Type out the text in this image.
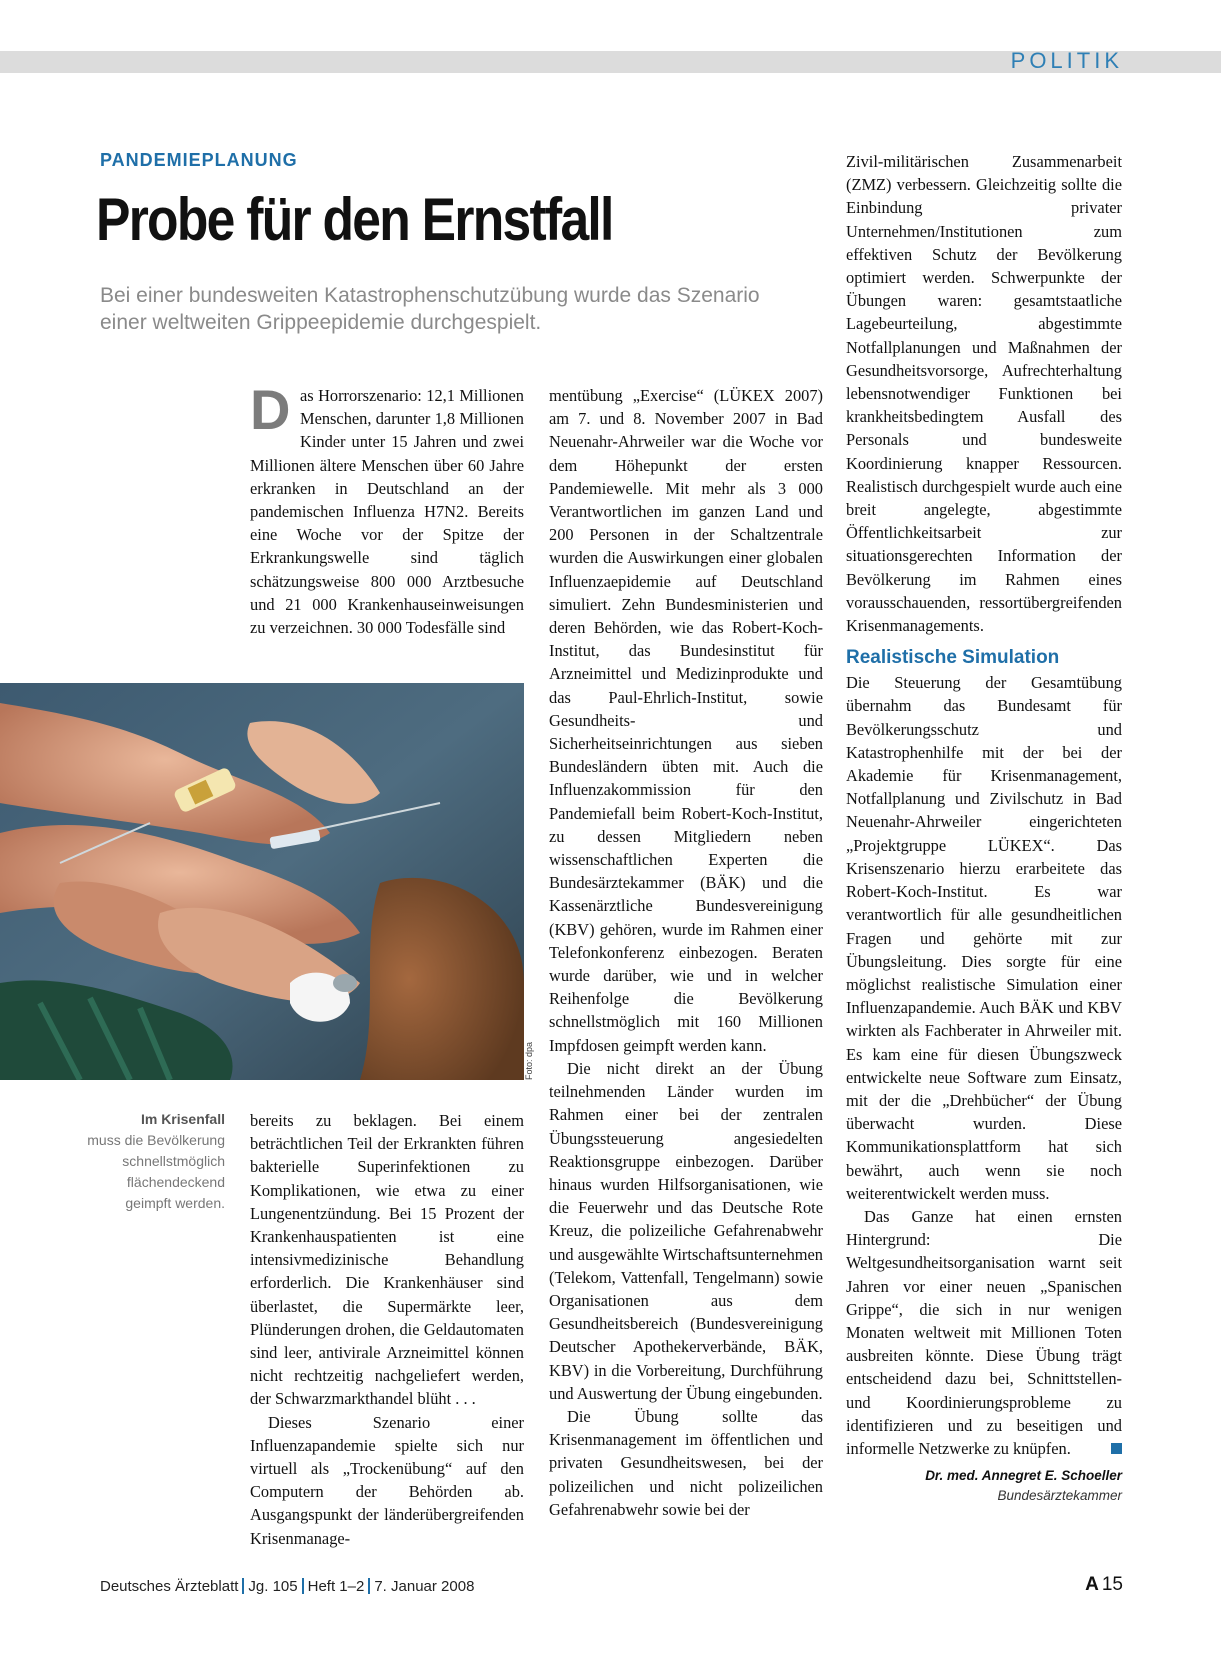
POLITIK
PANDEMIEPLANUNG
Probe für den Ernstfall
Bei einer bundesweiten Katastrophenschutzübung wurde das Szenario einer weltweiten Grippeepidemie durchgespielt.

Das Horrorszenario: 12,1 Millionen Menschen, darunter 1,8 Millionen Kinder unter 15 Jahren und zwei Millionen ältere Menschen über 60 Jahre erkranken in Deutschland an der pandemischen Influenza H7N2. Bereits eine Woche vor der Spitze der Erkrankungswelle sind täglich schätzungsweise 800 000 Arztbesuche und 21 000 Krankenhauseinweisungen zu verzeichnen. 30 000 Todesfälle sind

Foto: dpa
Im Krisenfall
muss die Bevölkerung schnellstmöglich flächendeckend geimpft werden.

bereits zu beklagen. Bei einem beträchtlichen Teil der Erkrankten führen bakterielle Superinfektionen zu Komplikationen, wie etwa zu einer Lungenentzündung. Bei 15 Prozent der Krankenhauspatienten ist eine intensivmedizinische Behandlung erforderlich. Die Krankenhäuser sind überlastet, die Supermärkte leer, Plünderungen drohen, die Geldautomaten sind leer, antivirale Arzneimittel können nicht rechtzeitig nachgeliefert werden, der Schwarzmarkthandel blüht . . .

Dieses Szenario einer Influenzapandemie spielte sich nur virtuell als „Trockenübung“ auf den Computern der Behörden ab. Ausgangspunkt der länderübergreifenden Krisenmanage-

mentübung „Exercise“ (LÜKEX 2007) am 7. und 8. November 2007 in Bad Neuenahr-Ahrweiler war die Woche vor dem Höhepunkt der ersten Pandemiewelle. Mit mehr als 3 000 Verantwortlichen im ganzen Land und 200 Personen in der Schaltzentrale wurden die Auswirkungen einer globalen Influenzaepidemie auf Deutschland simuliert. Zehn Bundesministerien und deren Behörden, wie das Robert-Koch-Institut, das Bundesinstitut für Arzneimittel und Medizinprodukte und das Paul-Ehrlich-Institut, sowie Gesundheits- und Sicherheitseinrichtungen aus sieben Bundesländern übten mit. Auch die Influenzakommission für den Pandemiefall beim Robert-Koch-Institut, zu dessen Mitgliedern neben wissenschaftlichen Experten die Bundesärztekammer (BÄK) und die Kassenärztliche Bundesvereinigung (KBV) gehören, wurde im Rahmen einer Telefonkonferenz einbezogen. Beraten wurde darüber, wie und in welcher Reihenfolge die Bevölkerung schnellstmöglich mit 160 Millionen Impfdosen geimpft werden kann.

Die nicht direkt an der Übung teilnehmenden Länder wurden im Rahmen einer bei der zentralen Übungssteuerung angesiedelten Reaktionsgruppe einbezogen. Darüber hinaus wurden Hilfsorganisationen, wie die Feuerwehr und das Deutsche Rote Kreuz, die polizeiliche Gefahrenabwehr und ausgewählte Wirtschaftsunternehmen (Telekom, Vattenfall, Tengelmann) sowie Organisationen aus dem Gesundheitsbereich (Bundesvereinigung Deutscher Apothekerverbände, BÄK, KBV) in die Vorbereitung, Durchführung und Auswertung der Übung eingebunden.

Die Übung sollte das Krisenmanagement im öffentlichen und privaten Gesundheitswesen, bei der polizeilichen und nicht polizeilichen Gefahrenabwehr sowie bei der

Zivil-militärischen Zusammenarbeit (ZMZ) verbessern. Gleichzeitig sollte die Einbindung privater Unternehmen/Institutionen zum effektiven Schutz der Bevölkerung optimiert werden. Schwerpunkte der Übungen waren: gesamtstaatliche Lagebeurteilung, abgestimmte Notfallplanungen und Maßnahmen der Gesundheitsvorsorge, Aufrechterhaltung lebensnotwendiger Funktionen bei krankheitsbedingtem Ausfall des Personals und bundesweite Koordinierung knapper Ressourcen. Realistisch durchgespielt wurde auch eine breit angelegte, abgestimmte Öffentlichkeitsarbeit zur situationsgerechten Information der Bevölkerung im Rahmen eines vorausschauenden, ressortübergreifenden Krisenmanagements.

Realistische Simulation

Die Steuerung der Gesamtübung übernahm das Bundesamt für Bevölkerungsschutz und Katastrophenhilfe mit der bei der Akademie für Krisenmanagement, Notfallplanung und Zivilschutz in Bad Neuenahr-Ahrweiler eingerichteten „Projektgruppe LÜKEX“. Das Krisenszenario hierzu erarbeitete das Robert-Koch-Institut. Es war verantwortlich für alle gesundheitlichen Fragen und gehörte mit zur Übungsleitung. Dies sorgte für eine möglichst realistische Simulation einer Influenzapandemie. Auch BÄK und KBV wirkten als Fachberater in Ahrweiler mit. Es kam eine für diesen Übungszweck entwickelte neue Software zum Einsatz, mit der die „Drehbücher“ der Übung überwacht wurden. Diese Kommunikationsplattform hat sich bewährt, auch wenn sie noch weiterentwickelt werden muss.

Das Ganze hat einen ernsten Hintergrund: Die Weltgesundheitsorganisation warnt seit Jahren vor einer neuen „Spanischen Grippe“, die sich in nur wenigen Monaten weltweit mit Millionen Toten ausbreiten könnte. Diese Übung trägt entscheidend dazu bei, Schnittstellen- und Koordinierungsprobleme zu identifizieren und zu beseitigen und informelle Netzwerke zu knüpfen.

Dr. med. Annegret E. Schoeller
Bundesärztekammer
Deutsches Ärzteblatt Jg. 105 Heft 1–2 7. Januar 2008	A 15
